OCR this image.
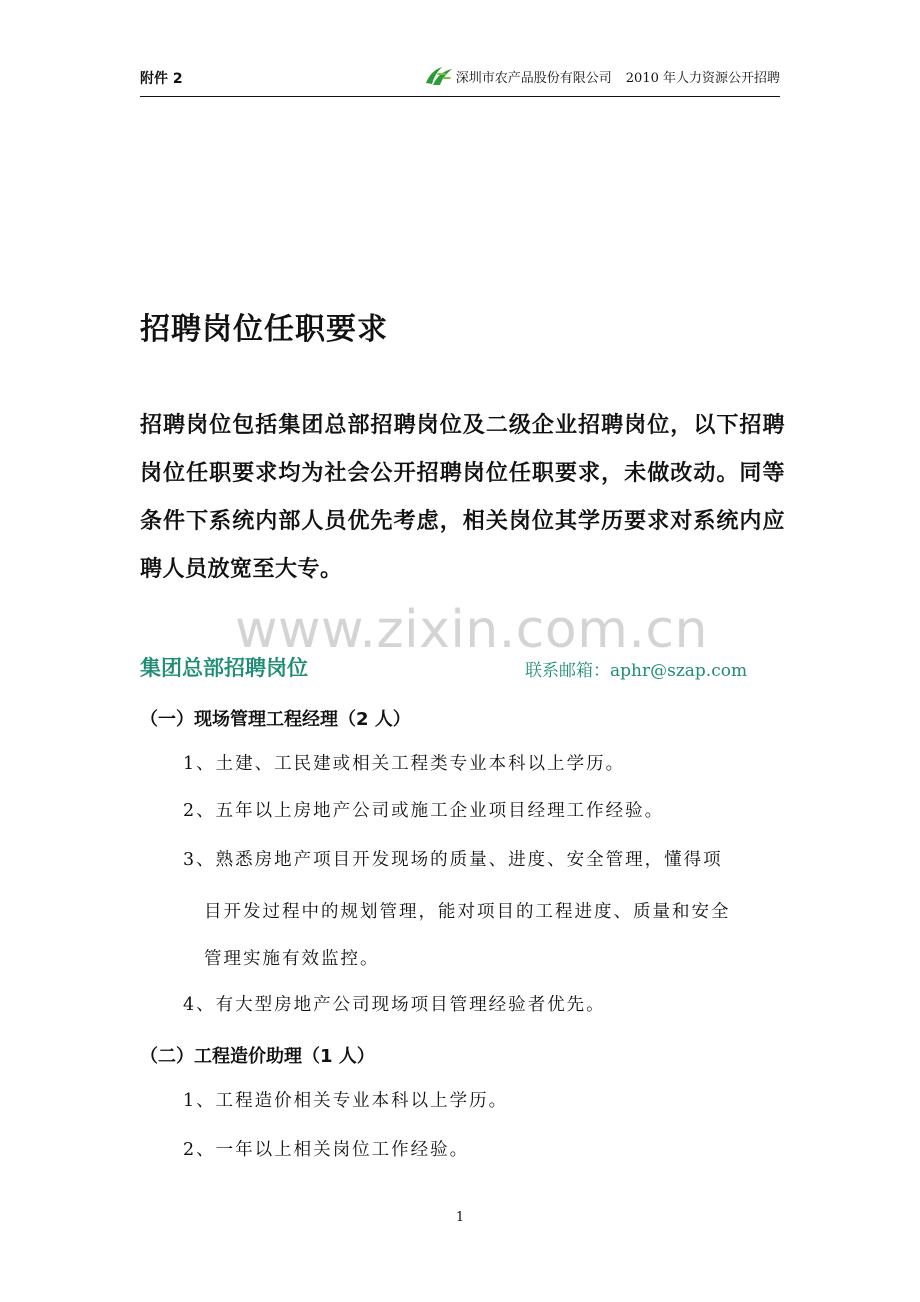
附件 2	深圳市农产品股份有限公司 2010 年人力资源公开招聘
招聘岗位任职要求

招聘岗位包括集团总部招聘岗位及二级企业招聘岗位，以下招聘岗位任职要求均为社会公开招聘岗位任职要求，未做改动。同等条件下系统内部人员优先考虑，相关岗位其学历要求对系统内应聘人员放宽至大专。

www.zixin.com.cn
集团总部招聘岗位	联系邮箱：aphr@szap.com
（一）现场管理工程经理（2 人）
1、土建、工民建或相关工程类专业本科以上学历。
2、五年以上房地产公司或施工企业项目经理工作经验。
3、熟悉房地产项目开发现场的质量、进度、安全管理，懂得项
目开发过程中的规划管理，能对项目的工程进度、质量和安全
管理实施有效监控。
4、有大型房地产公司现场项目管理经验者优先。
（二）工程造价助理（1 人）
1、工程造价相关专业本科以上学历。
2、一年以上相关岗位工作经验。
1
